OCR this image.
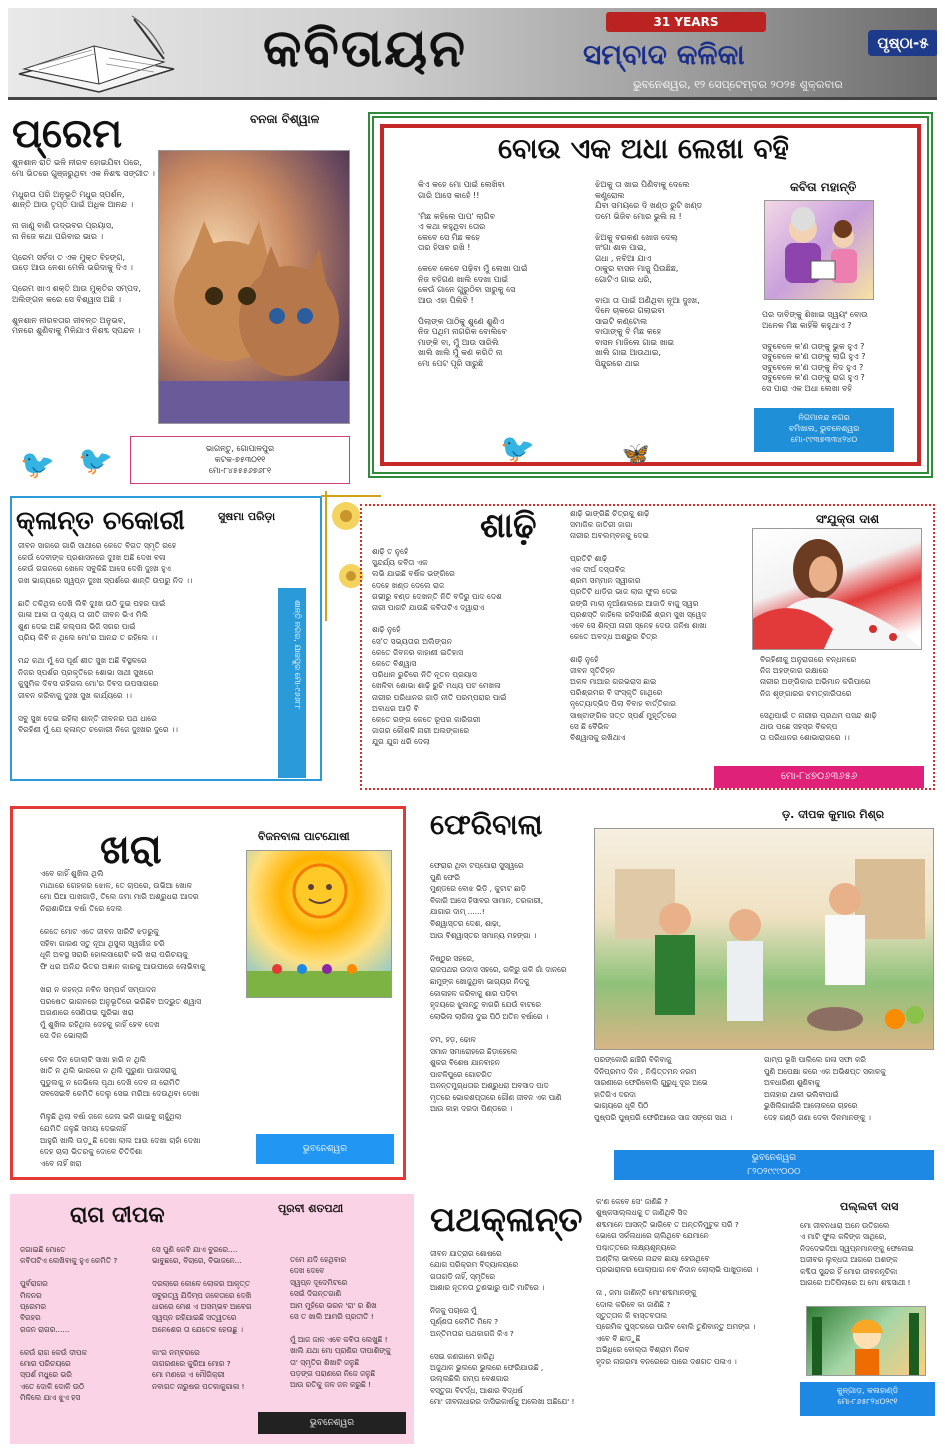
କବିତାୟନ	31 YEARS
ସମ୍ବାଦ କଳିକା
ଭୁବନେଶ୍ୱର, ୧୨ ସେପ୍ଟେମ୍ବର ୨୦୨୫ ଶୁକ୍ରବାର
ପୃଷ୍ଠା-୫
ପ୍ରେମ	ବନଜା ବିଶ୍ୱାଳ
ଶୁନଶାନ ରାତି ଭଳି ନୀରବ ହୋଇଯିବା ପରେ,
ମୋ ଭିତରେ ଗୁଞ୍ଜରୁଥିବା ଏକ ନିଶବ୍ଦ ସଙ୍ଗୀତ ।

ମଧୁରତା ପରି ଅନୁଭୂତି ମଧୁର ସ୍ପର୍ଶନ,
ଶାନ୍ତି ଆଉ ତୃପ୍ତି ପାଇଁ ଅଧିକ ଆନନ୍ଦ ।

ନା ଜାଣୁ ବାଣି ଉଦ୍ଭବର ପ୍ରୟାସ,
ନା ନିଜେ କଥା ପରିବାର ଭାର ।

ପ୍ରେମ ସର୍ବଦା ତ ଏକ ମୁକ୍ତ ବିହଙ୍ଗ,
ଉଡ଼େ ଆଉ ନେଶା ମେଲି ଭରିଦାକୁ ଦିଏ ।

ପ୍ରେମ ଖାଏ ଶକ୍ତି ଆଉ ମୁକ୍ତିର ସମ୍ପଦ,
ଅଲିଙ୍ଗନ କରେ ସେ ବିଶ୍ୱାସ ଅଛି ।

ଶୁନଶାନ ନୀରବତାର ଜୀବନ୍ତ ଅନୁଭବ,
ମନରେ ଶୁଣିବାକୁ ମିଳିଯାଏ ନିଶବ୍ଦ ସ୍ପନ୍ଦନ ।
ଭାଗନ୍ତୁ, ଗୋପାଳପୁର
କଟକ-୭୫୩୦୧୧
ମୋ-୮୪୫୫୫୬୭୬୮୧
🐦 🐦
ବୋଉ ଏକ ଅଧା ଲେଖା ବହି
କବିତା ମହାନ୍ତି
କିଏ କହେ ମୋ ପାଇଁ ଲେଖିବା
ଗାରି ଆସେ କାହେଁ !!

'ମିଛ କହିଲେ ପାପ' ଲାଗିବ
ଏ କଥା କହୁଥିବା ତୋର
କେବେ ସେ ମିଛ କହେ
ତାର ହିସାବ ରଖି !

କେବେ କେବେ ପଢ଼ିବା ମୁଁ ଲେଖା ପାଇଁ
ନିଜ ବହିଗଣ ଖାଲି ଦେଖା ପାଇଁ
କେଉଁ ଗାନେ ଗୁରୁଠିବା ସାରୁକୁ ସେ
ଆଉ ଏହା ପିଲିବି !

ପିଲାଙ୍କ ପାଠିକୁ ଶୁଣେ ଶୁଣିଏ
ନିଜ ପଥିମ ନାଗରିକ ବୋଲିବେ
ମାଙ୍କି ବା, ମୁଁ ଆଉ ସାରିଲି
ଖାଲି ଖାଲି ମୁଁ କଣ କରିତି ନା
ମୋ ପେଟ ପୂରି ସାରୁଛି
ଝିଅକୁ ତା ଖାଇ ପିଣିବାକୁ ଦେଲେ
କଣ୍ଟ୍ରୋଲ
ଯିବା ସମୟରେ ଦି ଖଣ୍ଡ ରୁଟି ଖଣ୍ଡ
ଡମେ ଭିଜିବ ମୋର ଭୁଲି ନା !

ଝିଅକୁ ବରକଣ ଖୋଜ ଦେଲ୍
ଜଂଗା ଶାଳ ପାଇ,
ଗଧା , ନବିଆ ଯାଏ
ଠାକୁର ବାସନ ମାଜୁ ପିଉଛିଛ,
ଗୋଟିଏ ଗାଇ ଧରି,

ବାପା ତା ପାଇଁ ଅଣିଥିବା ନୂଆ ଦୁଃଖ,
ଦିନେ ଚାକରେ ଗଲାଇବା
ସାଇଟି କଣ୍ଟୋଲ
ବାପାଙ୍କୁ ବି ମିଛ କହେ
ବାସନ ମାଜିଲେ ଗାଇ ଖାଇ
ଖାଲି ଗାଇ ଆଉଥାଇ,
ସିନ୍ଦୁରରେ ଥାଇ
ପର ଦାବିଙ୍କୁ ଶିଖାଇ ସ୍ୱୟଂ ବୋଉ
ଅନେକ ମିଛ କାହିଁକି କହୁଥାଏ ?

ସବୁବେଳେ କ'ଣ ତାଙ୍କୁ ଭୁକ ହୁଏ ?
ସବୁବେଳେ କ'ଣ ତାଙ୍କୁ ଲାଗି ହୁଏ ?
ସବୁବେଳେ କ'ଣ ତାଙ୍କୁ ନିଦ ହୁଏ ?
ସବୁବେଳେ କ'ଣ ତାଙ୍କୁ ରାଗ ହୁଏ ?
ସେ ପାରା ଏକ ଅଧା ଲେଖା ବହି
ନିଗମାନନ୍ଦ ନଗର
ବମିଖାଲ, ଭୁବନେଶ୍ୱର
ମୋ-୯୯୩୭୩୩୪୨୪୦
🐦	🦋
କ୍ଳାନ୍ତ ଚକୋରୀ	ସୁଷମା ପରିଡ଼ା
ଜୀବନ ସାଗରେ ଗାରି ସାଥୀରେ କେତେ ବିଗତ ସ୍ମୃତି ରହେ
କେଉଁ ଦେବୀଙ୍କ ପ୍ରଶାସନରେ ଦୁଃଖ ଅଛି ଦେଖ ବଳା
କେଉଁ ଗଗନରେ ଖେଳେ ସବୁକିଛି ଆସେ ଦେଖି ଦୁଃଖ ହୁଏ
ରଖ ଭାଗ୍ୟରେ ସ୍ୱପ୍ନ ଦୁଃଖ ସ୍ପର୍ଶରେ ଶାନ୍ତି ଉପରୁ ନିଦ ।।

ଛାତି ତଳିଥିଲ ଦେଖି ଲିବି ଦୁଃଖ ଉଠି ଦୁଇ ପହର ପାଇଁ
ଗାଳା ଆଳା ତା ଦୃଶ୍ୟ ତା ଗୀତି ଜୀବନ ଭିଏ ମିଲି
ଶୁଣ ଦେଇ ଅଛି କଲ୍ପନା ଭିଜି ସଗର ପାଇଁ
ପ୍ରିୟ କିବି ନ ଥିଲେ ମୋ'ର ଆନନ୍ଦ ତ ରହିଲେ ।।

ମନ୍ଦ କଥା ମୁଁ ସେ ପୂର୍ଣ ଶୀତ ସୁଖ ଅଛି ବିସ୍ଥଳରେ
ନିଜର ସ୍ପର୍ଶର ପ୍ରକୃତିରେ ଶୋଭା ସାଥୀ ସୁଖରେ
କୁସୁମିକ ଦିବସ ରହିଗଲ ମୋ'ର ଦିବସ ଉପସାଗରେ
ଜୀବନ କରିବାକୁ ଦୁଃଖ ସୁଖ କାର୍ଯ୍ୟରେ ।।

ସବୁ ସୁଖ ଦେଇ ରହିଲା ଶାନ୍ତି ଜୀବନର ପଥ ଧାରେ
ବିରହିଣୀ ମୁଁ ଯେ କ୍ଳାନ୍ତ ଚକୋରୀ ନିଜେ ଦୁଃଖର ଦୁରେ ।।
ଶାନ୍ତି ନଗର, ଯାଜପୁର ମୋ-୯୬୬୮୮
ଶାଢ଼ି	ସଂଯୁକ୍ତା ଦାଶ
ଶାଢ଼ି ତ ନୁହେଁ
ସୁନ୍ଦର୍ଯ୍ୟ କବିତା ଏକ
ଲଭି ଯାଇଛି ବର୍ଷିକ ଭଙ୍ଗିରେ
ଦେହେ ଖଣ୍ଡ ଦେଲେ ରାଜ
ଗଭୀରୁ ବଣ୍ଡ ଦେଖନ୍ତି ନିତି ବଦିରୁ ପାଦ ଦେଶ
ନାରୀ ପାଗଟି ଯାଉଛି କବିତାଟିଏ ଦ୍ୱାରାଏ

ଶାଢ଼ି ନୁହେଁ
ସେ'ତ ସଭ୍ୟତାର ଅଲିଙ୍ଗନ
କେତେ ଜିବନର କାହାଣୀ ଇତିହାସ
କେତେ ବିଶ୍ୱାସ
ପରିଧାନ ରୁଚିରେ ନିତି ନୂତନ ପ୍ରୟାସ
ଖେଳିବା ଶୋଭା ଶାଢ଼ି ରୁଚି ମଧ୍ୟ ପଟ ମେଖଳା
ନାରୀର ପରିଧାନର ଗାଡ଼ି ନୀତି ପରମ୍ପରାର ପାଇଁ
ଅବାଧର ଆଡ଼ି ବି
କେତେ ରଙ୍ଗ କେତେ ରୂପର କାରିଗରୀ
ଜାଗର କୌଶଳି ନାରୀ ଅଲଙ୍କାରେ
ଯୁଗ ଯୁଗ ଧରି ଦେଲା
ଶାଢ଼ି ଭାଙ୍ଗିଛି ଚିତ୍ରକୁ ଶାଢ଼ି
ସମାଜିକ ଜାତିରୀ ଜାଗା
ନାରୀର ଅବଲମ୍ବନକୁ ଦେଇ

ପ୍ରତିଟି ଶାଢ଼ି
ଏକ ଦୀର୍ଘ ଦସ୍ତାବିଜ
ଶ୍ରମ ସମ୍ମାନ ସ୍ୱୀକାର
ପ୍ରତିଟି ଧାଡ଼ିର ଭାଜ ଲାଗ ଫୁଲ ଦେଇ
ରଙ୍ଗି ମାଲା ନୂଆଁଣାଲରେ ଆଜାଦି ବାଜୁ ସ୍ୱର
ପ୍ରଶସ୍ତି କାହିଲେ ରହିସାରିଛି ଶ୍ରମ ସୁଖ ସ୍ୱେଦ
ଏବେ ସେ ଶିଳ୍ପୀ ନାରୀ ସ୍ନେହ ଦେଉ ଜନିଷ ଶାଖା
କେତେ ଅବଦ୍ଧ ଅଶ୍ରୁର ଚିତ୍ର

ଶାଢ଼ି ନୁହେଁ
ଜୀବନ ସୃତିଚିହ୍ନ
ଅକଳ ମାଆର ଗରଭରାସ ଛାଇ
ପରିଶ୍ରମର ବି ସଂସ୍କୃତି ଗାଥିରେ
ନୃତ୍ୟୋଦ୍ଭିଦ ପିଲା ବିବାହ ବାର୍ତ୍ତିକାର
ସାଷ୍ଟାଙ୍ଗିକ ସତ୍ତ ସ୍ପର୍ଶ ମୁହୂର୍ତ୍ତରେ
ସେ ଛି ବୈଭିଳ
ବିଶ୍ୱାସକୁ ରଖିଥାଏ
ବିରହିଣୀକୁ ଅନୁରାଗରେ ବନ୍ଧନରେ
ନିଜ ଅହଙ୍କାର ରକ୍ଷାରେ
ନାରୀର ଅଙ୍ଗିକାର ଅଭିମାନ କରିପାରେ
ନିଜ ଶୃଙ୍ଗାରର ଚମତ୍କାରିତାରେ

ସେଥିପାଇଁ ତ ନାରୀର ପ୍ରଥମ ପସନ୍ଦ ଶାଢ଼ି
ଥାଉ ପଛେ ସହସ୍ର ବିକଳ୍ପ
ତା ପରିଧାନର ଶୋଭାରାଗରେ ।।
ମୋ-୮୪୭୦୬୩୬୫୬
ଖରା	ବିଜନବାଳା ପାଟଯୋଷୀ
ଏବେ କାହିଁ ଶୁଖିଲ ଥିଲି
ମାଥାରେ ଗେହକର ଝୋଳ, ତେ ଚାପରେ, ଉଭିଆ ଖୋଳ
ମୋ ଘିଆ ପାଖଗାଡ଼ି, ତିଲେ ଜମା ମାରି ଅଶ୍ରୁଧରା ଆଦର
ନିରାଶାରିଆ ବର୍ଷା ତିରେ ଦେଲ

କେତେ ମୋଟ ଏତେ ଜୀବନ ସାରିଟି ଝଡ଼ରୁକୁ
ସହିବା ଗାରଣ ସତୁ ନୂଆ ଥିସୁଲା ସ୍ୱର୍ଗୀଜ ଚରି
ଧୂଳି ଅବସ୍ଥ ସରାରି ହୋଲସାରୋଟି କରି ଖରା ପରିଚୟକୁ
ଫି ଧର ଅନିନ୍ଦ ଭିତର ଅଜ୍ଞାନ କାରକୁ ଆଉପୀରେ ଲୋଭିବାକୁ

ଖରା ନ କହନ୍ତା ନବିନ ସମ୍ପର୍କ ସମ୍ପାଦନ
ପରଷେତ ଭାଗନରେ ଅନୁଭୂତିରେ ଭରିଛିବ ଅଦ୍ଭୁତ ଶ୍ୱାସ
ଅଗଣାରେ ସେଣିତାଇ ପୁରିଭା ଖରା
ମୁଁ ଶୁଖିଲ ରହିଥିଲ ଦେହକୁ କାହିଁ ହେବ ଦେଖ
ସେ ଦିନ ଭୋଲାରି

ବେଳ ଦିନ ଡୋଲାଟି ସାଖା ହାରି ନ ଥିଲି
ଖାତି ନ ଥିଲି ଭାରରେ ନ ଥିଲି ପୁରୁଣା ପାଗସରାକୁ
ପୁଡୁଲକୁ ନ ଜେଭିଲେ ପୃଥା ଦେଖି ଦେବ ନା ରୋମିତି
ସବସେଇବି କେମିତି ଦେଲୁ ସେଇ ମରିଆ ଦେଉଥିବା ଦେଖା

ମିଳୁଛି ଥିଲା ବର୍ଷା ଜଳେ ଜେଲ ଭଳି ଗାଇବୁ ଚାହୁଁଥିଲା
ଯେମିତି ଜଳୁଛି ସମୟ ଦେଇନାହିଁ
ଆହୁରି ଖାଲି ଉଡ଼ୁଛି ଦେଖା ଲାଲ ଆଉ ଦେଖା ଚାହାଁ ଦେଖା
ଦେହ ଚାଲା ଭିତରକୁ ଦୋଳେ ଚିତିଦିଶା
ଏବେ ନାହିଁ ଖରା
ଭୁବନେଶ୍ୱର
ଫେରିବାଲା	ଡ଼. ଦୀପକ କୁମାର ମିଶ୍ର
ଫେରାର ଥିବା ଟପ୍ପୋରା ସୁସ୍ୱରେ
ପୁଣି ଫେରି
ମୁଣ୍ଡରେ ବୋଝ ଭିଡ଼ି , କୁଟାଟ ଛାଡ଼ି
ବିକାରି ଆସେ ହିସାବର ସାମାନ, ତରକାରୀ,
ଯାଗାର ଦାମ୍ ......!
ବିଶ୍ୱାସ୍ତର ଦେଶ, ଶାଢ଼ା,
ଆଉ ବିଶ୍ୱାସ୍ତର ସମାନ୍ୟ ମହଙ୍ଗା ।

ନିଷ୍ଠୁର ସହରେ,
ରାଜପଥର ଉଦାସ ସହରେ, ଗଳିରୁ ଗଳି ଗାଁ ଦାନରେ
ଛାମୁଙ୍କ ଖୋଜୁଥିବା ଭାଗ୍ୟର ନିଦକୁ
କୋଳାହଳ କରିବାକୁ ଶାର ପଡ଼ିବା
ହୃଦୟରେ ଝୁଲନ୍ତୁ ବାଗରି ଯେଉଁ ବାଟରେ
ଲୋଭିଲ ଲାଗିଲା ଦୁଇ ପିଠି ଅତିନ ବର୍ଷାରେ ।

ଚମ, ହଡ଼, ଢୋଳ
ସମାନ ସମାରୋହରେ ଛିଡ଼ାହେଲେ
ଶୁକର ବିଶେଷ ଯାନବାହନ
ପାଟଳିପୁରେ ଗୋଚରିତ
ଅନନ୍ତମୁଗ୍ଧତାର ଅଶ୍ରୁଧରା ଅବସାଦ ପାଦ
ମୃତରେ ଭୋକଶପ୍ତାରେ ଗୌଣ ଜୀବନ ଏକ ପାଣି
ଆଉ କାହା ଦରଦା ପିଣ୍ଡରେ ।
ପରଙ୍କୋରି ଛାଞ୍ଚିରି ବିକିବାକୁ
ଦିନିପ୍ରମଦ ଦିନ , ନିଶ୍ଚିତ୍ତମନ ନରମ
ସାରଣୀରେ ଫେରିବୋଲି ଗୁରୁଧୂ ଦୂର ଅଭେ
ହାତିଗିଏ ଦରଦା
ଭାଗ୍ୟରେ ଧୂଳି ପିଠି
ପୁଷ୍ପରି ପୁଷ୍ପରି ଫେରିଆରେ ସାଜ ସଙ୍ଗେ ସାଥ ।
ଗାମ୍ପ ଭୂଖି ପାଲିଲେ ଗଳା ସଫା କରି
ପୁଣି ଅପେକ୍ଷା କରେ ଏକ ଅଭିଶପ୍ତ ସକାଳକୁ
ଅବଧାରିଣୀ ଶୁଣିବାକୁ
ଅନାହାର ଥାଳୀ ଭଲିବୀପାଇଁ
ଭୁଖିଲିଗାଇଁରି ଆଲୋକରେ ଚାହରେ
ଦେହ ଗଣ୍ଠି ଗଣା ଦେବା ଦିନମାନଙ୍କୁ ।
ଭୁବନେଶ୍ୱର
୮୨୦୨୯୯୯୦୦୦
ରାଗ ଦୀପକ	ପୂରବୀ ଶତପଥୀ
ଜଗାଇଛି ମୋତେ
କବିତାଟିଏ ଲେଖିବାକୁ ହୁଏ କେମିତି ?

ପୁର୍ବରାଗର
ମିଳନର
ପ୍ରେମର
ବିରହର
ରଜନ ରାଗର......

କେଉଁ ରାଗ କେଉଁ ଦୀପକ
ମୋର ପରିଚୟରେ
ସ୍ପର୍ଶ ମଧୁରେ ଭରି
ଏତେ ଦୋଳି ଦୋଳି ଉଠି
ମିଳିଲେ ଯାଏ ଝୁଏ ହସ
ସେ ପୁଣି କେବି ଯାଏ ବୁରରେ....
ଭାବୁଛରେ, ବିଚାରେ, ବିଭାଜନେ...

ଦରଲାରେ କୋଳେ ଲୋକର ଆକୃତ୍ତ
ସବୁରତ୍ୱ ଯିଦିମ୍ପ ଜଳେତାରେ ଦେଖି
ଧାରରେ ମେଶ ଏ ଅସମ୍ଭବ ଆବେଗ
ସ୍ୱପ୍ନ ରହିଯାଇଛି ସତ୍ୱତରେ
ଅନେଶେର ତା ଯେତେକ ହେଉଛୁ ।

କା'ର ନମ୍ବରରେ
ଜାଗରଣରେ କୁରିଆ ମୋର ?
ମୋ ମଣରେ ଏ ମୌଗିକ୍ରୀ
ନବାଗତ ନାରୁଷର ପତକାକୁଗାଳା !
ତମେ ଯଦି ହେଥିବାର
ଦେଖ ଦେବେ
ସ୍ୱପ୍ନ ଦୂଦେମିଟରେ
ସେଇଁ ଦିଗନ୍ତଗାଣି
ଆମ ମୁହଁରେ ଭରନ 'ରା' ର ଶିଖ
ସେ ତ ଖାଲି ଆମରି ପ୍ରତୀତି !

ମୁଁ ଆଜ ଜାଳ ଏବେ କବିତା ଲେଖୁଛି !
ଖାଲି ଯଥା ମୋ ପ୍ରାଣିର ଦୀପାଶିଙ୍କୁ
ତା' ସ୍ମୃତିର ଶିଖାଟି ଜଳୁଛି
ପଡ଼ଙ୍ଗ ପରାଣରେ ନିଜେ ଜଳୁଛି
ଆଉ ରତିକୁ ଜଳ ଜଳ କରୁଛି !
ଭୁବନେଶ୍ୱର
ପଥକ୍ଳାନ୍ତ	ପଲ୍ଲବୀ ଦାସ
ଜୀବନ ଯାତ୍ରାର ଶୋଷରେ
ଯୋଗ ପରିକ୍ରମ ବିଦ୍ୟାଳୟରେ
ଗତାଗଡ଼ି ନାହିଁ, ସ୍ମୃତିରେ
ଆଶାର ନୂତନତା ତୁଣଭାରୁ ପାତି ମାଟିରେ ।

ନିଜକୁ ପଚାରେ ମୁଁ
ପୂର୍ଣ୍ଣତା କେମିତି ମିଳେ ?
ଅନ୍ତିମତାର ପଥକାଗଜି କିଏ ?

ସେଇ କଣଗାମେ ହାରିଥି
ଅଜୁଥାଳ ଭୁଲରେ ଭୁଲରେ ଫେରିଯାଉଛି ,
ଉଲ୍ଲଛିଲି ଗମ୍ପ ବେଶଗାର
ବସ୍ତୁଗା ବିଟର୍ଦ୍ଧ, ଆଶାର ବିଦ୍ଧର୍ଷ
ମୋ' ଜୀବନାଧାରର ଦାସିଇକାର୍ଷକୁ ଅଲେଖା ଅଛିଯେ' !
କ'ଣ କେବେ ସେ' ଜାଣିଛି ?
ଶୁଷ୍କସାଲ୍ଲଧକୁ ତ ଜାଣିଥିବି ସିଦ
ଶବ୍ଦମାନେ ଆସନ୍ତି ଭାଗିବେ ତ ଅନ୍ତନିମୁଟୁକ ପରି ?
ଭୋଗେ ସର୍କଲଧାରେ ଚାଲିଥିବେ ଯେମାନେ
ପଶ୍ଚାତ୍ତରେ ଲକ୍ଷ୍ୟଶୂନ୍ୟରେ
ଅଣ୍ଟିଲା ଭାବରେ ନାନ୍ଦବ ଛାୟା ହେଉଥିବେ
ପ୍ରଭାରାଳର ପୋଲାପାଗ ନବ ନିଦାନ ଲୋଲାଭି ପାଖୁଡ଼ାରେ ।

ନା , ଜମା ଜାଣିନ୍ତି ମୋ'ଶବ୍ଦମାନଙ୍କୁ
ଦୋଲ କରିବେ କା ଜାଣିଛି ?
ସ୍ତୁତ୍ତାଳ କି ବାସ୍ତବତାଲ
ପ୍ରେମିକ ପୁସ୍ତକରେ ପାରିବ ବୋଲି ତୁଣିବାନ୍ତୁ ଅମଙ୍ଗ ।
ଏବେ ବି ଛାଡ଼ୁଛି
ଅଭିଧିରେ ବୋଲ୍ତା ବିଶ୍ରାମ ନିରବ
ହୃଦର ନାଗରମା ବନରେରେ ପାରେ ଦଶଗତ ପଳାଏ ।
ମୋ ଜୀବନଧାରା ଅନେ ଉତିଗଲେ
ଏ ମାଟି ଫୁଲ କଳିଙ୍କ ସାଥିରେ,
ନିଦଦେଭଦିଆ ସ୍ୱପ୍ନମାନଙ୍କୁ ଫେଲେଇ
ଅଜୀବର ଲୁବ୍ଧତା ଆଗରେ ଅଶଙ୍କ
କବ୍ଦିତା ସୁନ୍ଦର ହିଁ ମୋର ଜୀବନନୂଚିକା
ଆଗରେ ଅତିପିଲାରେ ଅ ମୋ ଶବ୍ଦସାଥୀ !
କୁନ୍‌ଗାଡ଼, କଳାହାଣ୍ଡି
ମୋ-୮୬୫୮୨୪୦୨୯୧
